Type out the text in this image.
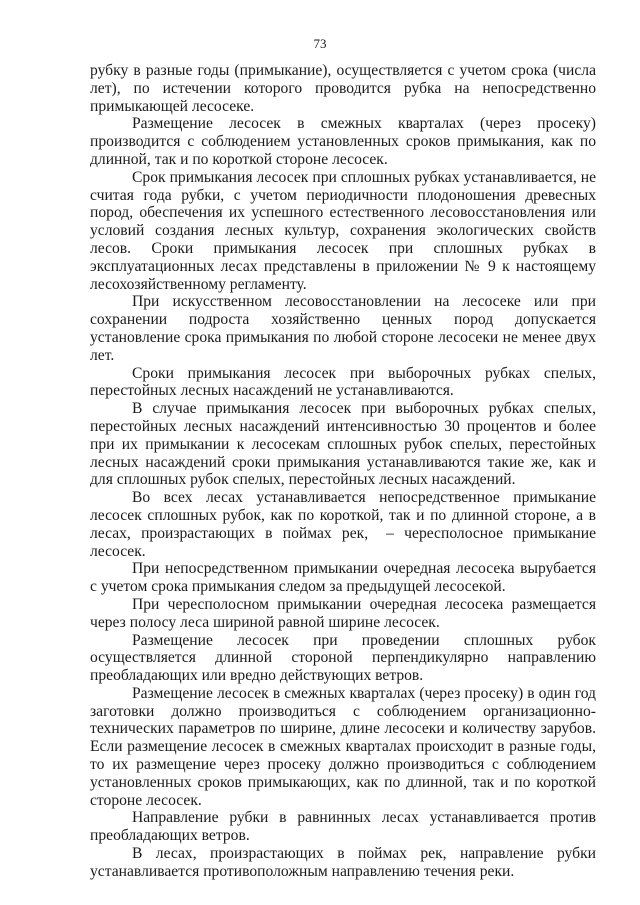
73

рубку в разные годы (примыкание), осуществляется с учетом срока (числа лет), по истечении которого проводится рубка на непосредственно примыкающей лесосеке.

Размещение лесосек в смежных кварталах (через просеку) производится с соблюдением установленных сроков примыкания, как по длинной, так и по короткой стороне лесосек.

Срок примыкания лесосек при сплошных рубках устанавливается, не считая года рубки, с учетом периодичности плодоношения древесных пород, обеспечения их успешного естественного лесовосстановления или условий создания лесных культур, сохранения экологических свойств лесов. Сроки примыкания лесосек при сплошных рубках в эксплуатационных лесах представлены в приложении № 9 к настоящему лесохозяйственному регламенту.

При искусственном лесовосстановлении на лесосеке или при сохранении подроста хозяйственно ценных пород допускается установление срока примыкания по любой стороне лесосеки не менее двух лет.

Сроки примыкания лесосек при выборочных рубках спелых, перестойных лесных насаждений не устанавливаются.

В случае примыкания лесосек при выборочных рубках спелых, перестойных лесных насаждений интенсивностью 30 процентов и более при их примыкании к лесосекам сплошных рубок спелых, перестойных лесных насаждений сроки примыкания устанавливаются такие же, как и для сплошных рубок спелых, перестойных лесных насаждений.

Во всех лесах устанавливается непосредственное примыкание лесосек сплошных рубок, как по короткой, так и по длинной стороне, а в лесах, произрастающих в поймах рек, – чересполосное примыкание лесосек.

При непосредственном примыкании очередная лесосека вырубается с учетом срока примыкания следом за предыдущей лесосекой.

При чересполосном примыкании очередная лесосека размещается через полосу леса шириной равной ширине лесосек.

Размещение лесосек при проведении сплошных рубок осуществляется длинной стороной перпендикулярно направлению преобладающих или вредно действующих ветров.

Размещение лесосек в смежных кварталах (через просеку) в один год заготовки должно производиться с соблюдением организационно-технических параметров по ширине, длине лесосеки и количеству зарубов. Если размещение лесосек в смежных кварталах происходит в разные годы, то их размещение через просеку должно производиться с соблюдением установленных сроков примыкающих, как по длинной, так и по короткой стороне лесосек.

Направление рубки в равнинных лесах устанавливается против преобладающих ветров.

В лесах, произрастающих в поймах рек, направление рубки устанавливается противоположным направлению течения реки.
